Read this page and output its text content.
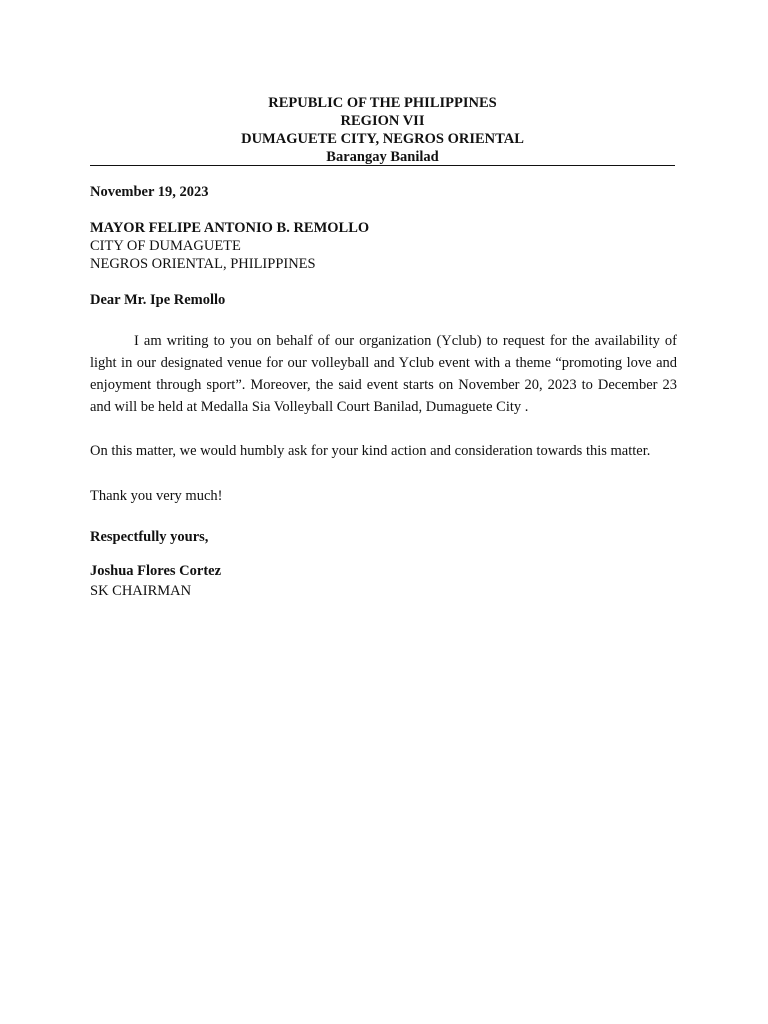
REPUBLIC OF THE PHILIPPINES
REGION VII
DUMAGUETE CITY, NEGROS ORIENTAL
Barangay Banilad
November 19, 2023
MAYOR FELIPE ANTONIO B. REMOLLO
CITY OF DUMAGUETE
NEGROS ORIENTAL, PHILIPPINES
Dear Mr. Ipe Remollo
I am writing to you on behalf of our organization (Yclub) to request for the availability of light in our designated venue for our volleyball and Yclub event with a theme “promoting love and enjoyment through sport”. Moreover, the said event starts on November 20, 2023 to December 23 and will be held at Medalla Sia Volleyball Court Banilad, Dumaguete City .
On this matter, we would humbly ask for your kind action and consideration towards this matter.
Thank you very much!
Respectfully yours,
Joshua Flores Cortez
SK CHAIRMAN
